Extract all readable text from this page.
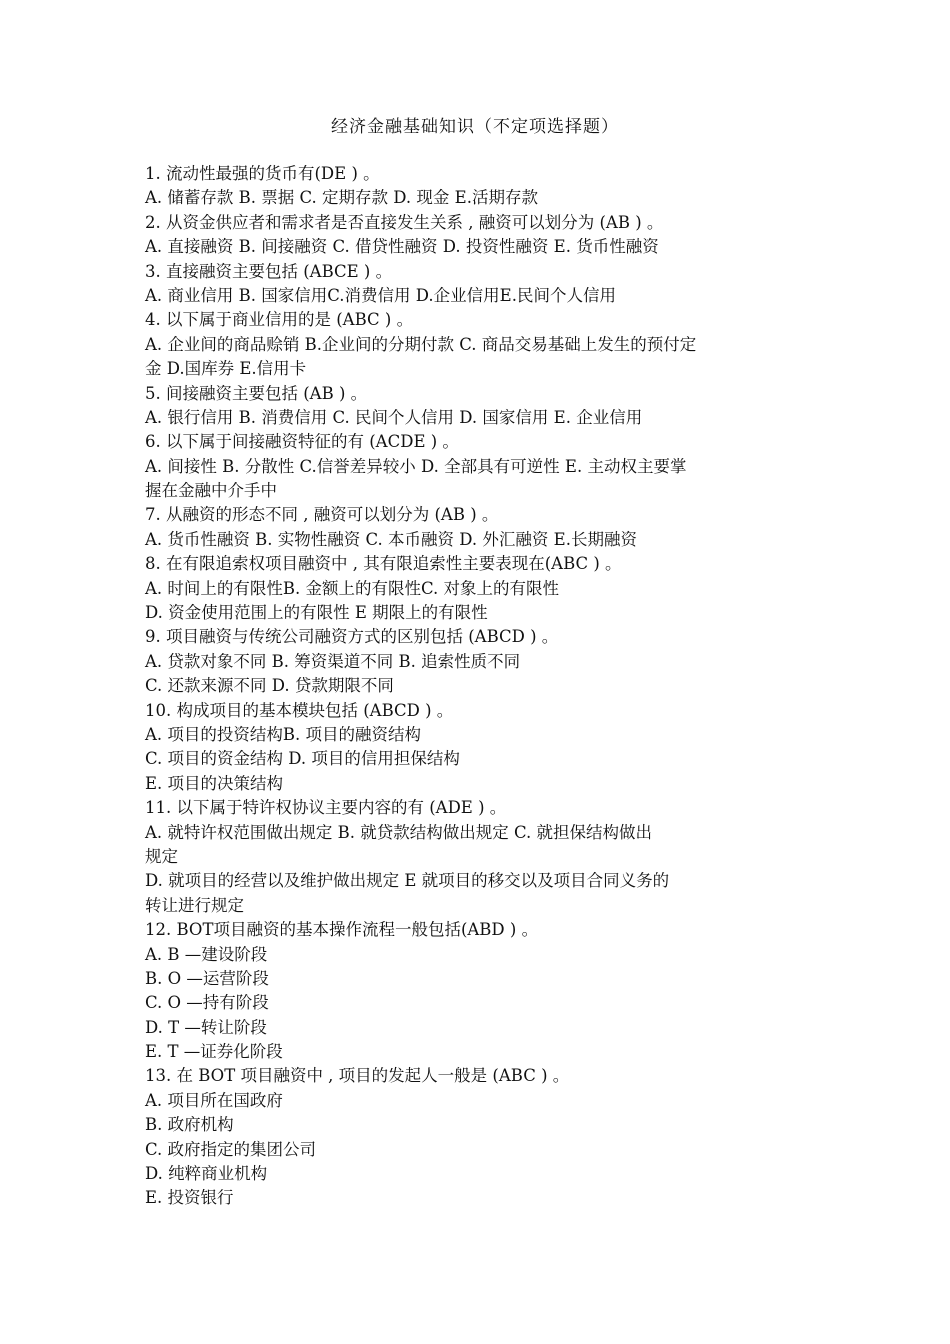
经济金融基础知识（不定项选择题）
1. 流动性最强的货币有(DE ) 。
A. 储蓄存款 B. 票据 C. 定期存款 D. 现金 E.活期存款
2. 从资金供应者和需求者是否直接发生关系 , 融资可以划分为 (AB ) 。
A. 直接融资 B. 间接融资 C. 借贷性融资 D. 投资性融资 E. 货币性融资
3. 直接融资主要包括 (ABCE ) 。
A. 商业信用 B. 国家信用C.消费信用 D.企业信用E.民间个人信用
4. 以下属于商业信用的是 (ABC ) 。
A. 企业间的商品赊销 B.企业间的分期付款 C. 商品交易基础上发生的预付定
金 D.国库券 E.信用卡
5. 间接融资主要包括 (AB ) 。
A. 银行信用 B. 消费信用 C. 民间个人信用 D. 国家信用 E. 企业信用
6. 以下属于间接融资特征的有 (ACDE ) 。
A. 间接性 B. 分散性 C.信誉差异较小 D. 全部具有可逆性 E. 主动权主要掌
握在金融中介手中
7. 从融资的形态不同 , 融资可以划分为 (AB ) 。
A. 货币性融资 B. 实物性融资 C. 本币融资 D. 外汇融资 E.长期融资
8. 在有限追索权项目融资中 , 其有限追索性主要表现在(ABC ) 。
A. 时间上的有限性B. 金额上的有限性C. 对象上的有限性
D. 资金使用范围上的有限性 E 期限上的有限性
9. 项目融资与传统公司融资方式的区别包括 (ABCD ) 。
A. 贷款对象不同 B. 筹资渠道不同 B. 追索性质不同
C. 还款来源不同 D. 贷款期限不同
10. 构成项目的基本模块包括 (ABCD ) 。
A. 项目的投资结构B. 项目的融资结构
C. 项目的资金结构 D. 项目的信用担保结构
E. 项目的决策结构
11. 以下属于特许权协议主要内容的有 (ADE ) 。
A. 就特许权范围做出规定 B. 就贷款结构做出规定 C. 就担保结构做出
规定
D. 就项目的经营以及维护做出规定 E 就项目的移交以及项目合同义务的
转让进行规定
12. BOT项目融资的基本操作流程一般包括(ABD ) 。
A. B —建设阶段
B. O —运营阶段
C. O —持有阶段
D. T —转让阶段
E. T —证券化阶段
13. 在 BOT 项目融资中 , 项目的发起人一般是 (ABC ) 。
A. 项目所在国政府
B. 政府机构
C. 政府指定的集团公司
D. 纯粹商业机构
E. 投资银行
